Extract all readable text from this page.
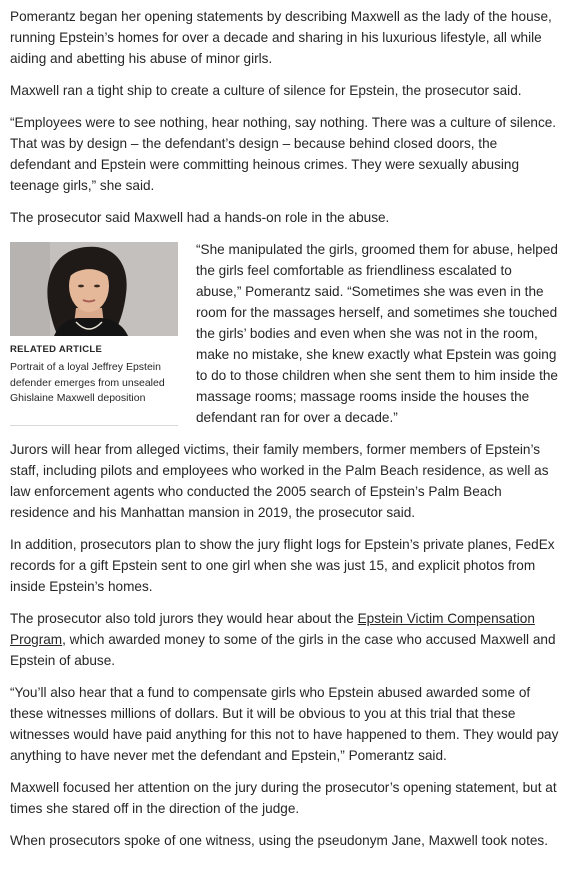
Pomerantz began her opening statements by describing Maxwell as the lady of the house, running Epstein’s homes for over a decade and sharing in his luxurious lifestyle, all while aiding and abetting his abuse of minor girls.

Maxwell ran a tight ship to create a culture of silence for Epstein, the prosecutor said.

“Employees were to see nothing, hear nothing, say nothing. There was a culture of silence. That was by design – the defendant’s design – because behind closed doors, the defendant and Epstein were committing heinous crimes. They were sexually abusing teenage girls,” she said.

The prosecutor said Maxwell had a hands-on role in the abuse.

RELATED ARTICLE
Portrait of a loyal Jeffrey Epstein defender emerges from unsealed Ghislaine Maxwell deposition

“She manipulated the girls, groomed them for abuse, helped the girls feel comfortable as friendliness escalated to abuse,” Pomerantz said. “Sometimes she was even in the room for the massages herself, and sometimes she touched the girls’ bodies and even when she was not in the room, make no mistake, she knew exactly what Epstein was going to do to those children when she sent them to him inside the massage rooms; massage rooms inside the houses the defendant ran for over a decade.”

Jurors will hear from alleged victims, their family members, former members of Epstein’s staff, including pilots and employees who worked in the Palm Beach residence, as well as law enforcement agents who conducted the 2005 search of Epstein’s Palm Beach residence and his Manhattan mansion in 2019, the prosecutor said.

In addition, prosecutors plan to show the jury flight logs for Epstein’s private planes, FedEx records for a gift Epstein sent to one girl when she was just 15, and explicit photos from inside Epstein’s homes.

The prosecutor also told jurors they would hear about the Epstein Victim Compensation Program, which awarded money to some of the girls in the case who accused Maxwell and Epstein of abuse.

“You’ll also hear that a fund to compensate girls who Epstein abused awarded some of these witnesses millions of dollars. But it will be obvious to you at this trial that these witnesses would have paid anything for this not to have happened to them. They would pay anything to have never met the defendant and Epstein,” Pomerantz said.

Maxwell focused her attention on the jury during the prosecutor’s opening statement, but at times she stared off in the direction of the judge.

When prosecutors spoke of one witness, using the pseudonym Jane, Maxwell took notes.
